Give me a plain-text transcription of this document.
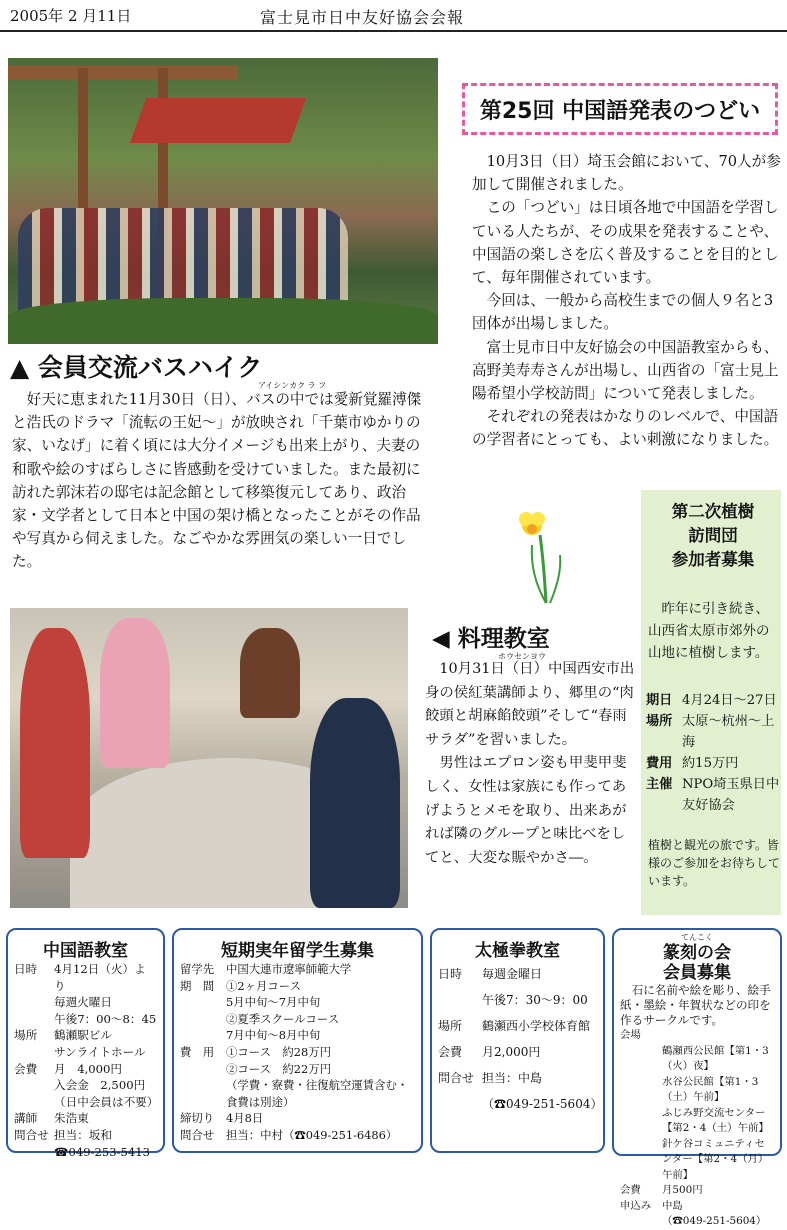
2005年 2 月11日	富士見市日中友好協会会報
▲ 会員交流バスハイク
アイシンカク ラ フ
好天に恵まれた11月30日（日）、バスの中では愛新覚羅溥傑と浩氏のドラマ「流転の王妃～」が放映され「千葉市ゆかりの家、いなげ」に着く頃には大分イメージも出来上がり、夫妻の和歌や絵のすばらしさに皆感動を受けていました。また最初に訪れた郭沫若の邸宅は記念館として移築復元してあり、政治家・文学者として日本と中国の架け橋となったことがその作品や写真から伺えました。なごやかな雰囲気の楽しい一日でした。
第25回 中国語発表のつどい

10月3日（日）埼玉会館において、70人が参加して開催されました。

この「つどい」は日頃各地で中国語を学習している人たちが、その成果を発表することや、中国語の楽しさを広く普及することを目的として、毎年開催されています。

今回は、一般から高校生までの個人９名と3団体が出場しました。

富士見市日中友好協会の中国語教室からも、高野美寿寿さんが出場し、山西省の「富士見上陽希望小学校訪問」について発表しました。

それぞれの発表はかなりのレベルで、中国語の学習者にとっても、よい刺激になりました。

第二次植樹
訪問団
参加者募集
昨年に引き続き、山西省太原市郊外の山地に植樹します。
期日 4月24日～27日
場所 太原～杭州～上海
費用 約15万円
主催 NPO埼玉県日中友好協会
植樹と観光の旅です。皆様のご参加をお待ちしています。
◀ 料理教室
ホウセンヨウ

10月31日（日）中国西安市出身の侯紅葉講師より、郷里の“肉餃頭と胡麻餡餃頭”そして“春雨サラダ”を習いました。

男性はエプロン姿も甲斐甲斐しく、女性は家族にも作ってあげようとメモを取り、出来あがれば隣のグループと味比べをしてと、大変な賑やかさ―。

中国語教室
日時	4月12日（火）より
毎週火曜日
午後7：00～8：45
場所	鶴瀬駅ビル
サンライトホール
会費	月　4,000円
入会金　2,500円
（日中会員は不要）
講師	朱浩東
問合せ 担当：坂和
☎049-253-5413
短期実年留学生募集
留学先	中国大連市遼寧師範大学
期　間	①2ヶ月コース
5月中旬～7月中旬
②夏季スクールコース
7月中旬～8月中旬
費　用	①コース　約28万円
②コース　約22万円
（学費・寮費・往復航空運賃含む・食費は別途）
締切り	4月8日
問合せ	担当：中村（☎049-251-6486）
太極拳教室
日時	毎週金曜日
午後7：30～9：00
場所	鶴瀬西小学校体育館
会費	月2,000円
問合せ 担当：中島
（☎049-251-5604）
てんこく
篆刻の会
会員募集
石に名前や絵を彫り、絵手紙・墨絵・年賀状などの印を作るサークルです。
会場
鶴瀬西公民館【第1・3（火）夜】
水谷公民館【第1・3（土）午前】
ふじみ野交流センター【第2・4（土）午前】
針ケ谷コミュニティセンター【第2・4（月）午前】
会費	月500円
申込み	中島
（☎049-251-5604）
